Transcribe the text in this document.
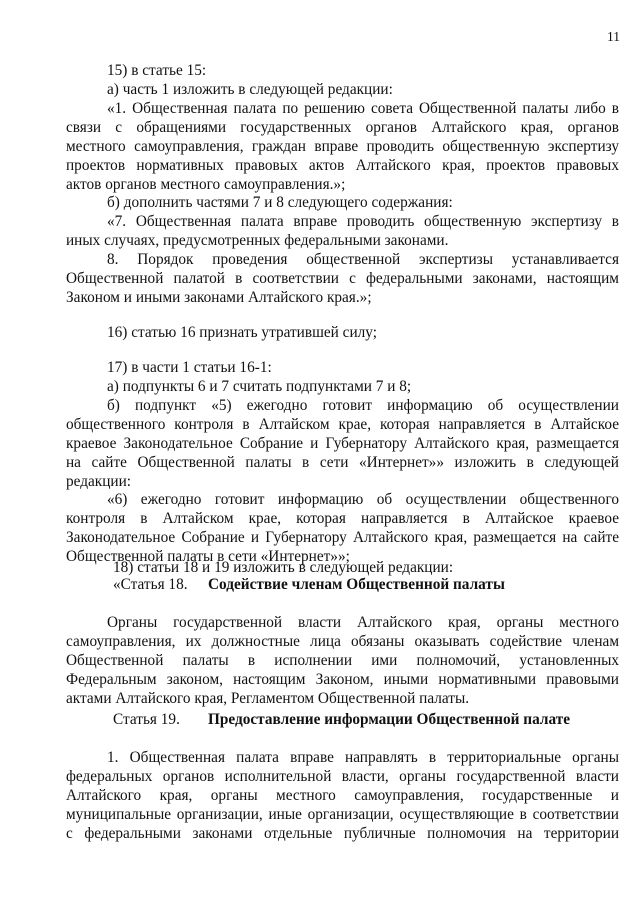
11
15) в статье 15:
а) часть 1 изложить в следующей редакции:
«1. Общественная палата по решению совета Общественной палаты либо в
связи с обращениями государственных органов Алтайского края, органов
местного самоуправления, граждан вправе проводить общественную экспертизу
проектов нормативных правовых актов Алтайского края, проектов правовых
актов органов местного самоуправления.»;
б) дополнить частями 7 и 8 следующего содержания:
«7. Общественная палата вправе проводить общественную экспертизу в
иных случаях, предусмотренных федеральными законами.
8. Порядок проведения общественной экспертизы устанавливается
Общественной палатой в соответствии с федеральными законами, настоящим
Законом и иными законами Алтайского края.»;
16) статью 16 признать утратившей силу;
17) в части 1 статьи 16-1:
а) подпункты 6 и 7 считать подпунктами 7 и 8;
б) подпункт «5) ежегодно готовит информацию об осуществлении
общественного контроля в Алтайском крае, которая направляется в Алтайское
краевое Законодательное Собрание и Губернатору Алтайского края, размещается
на сайте Общественной палаты в сети «Интернет»» изложить в следующей
редакции:
«6) ежегодно готовит информацию об осуществлении общественного
контроля в Алтайском крае, которая направляется в Алтайское краевое
Законодательное Собрание и Губернатору Алтайского края, размещается на сайте
Общественной палаты в сети «Интернет»»;
18) статьи 18 и 19 изложить в следующей редакции:
Органы государственной власти Алтайского края, органы местного
самоуправления, их должностные лица обязаны оказывать содействие членам
Общественной палаты в исполнении ими полномочий, установленных
Федеральным законом, настоящим Законом, иными нормативными правовыми
актами Алтайского края, Регламентом Общественной палаты.
1. Общественная палата вправе направлять в территориальные органы
федеральных органов исполнительной власти, органы государственной власти
Алтайского края, органы местного самоуправления, государственные и
муниципальные организации, иные организации, осуществляющие в соответствии
с федеральными законами отдельные публичные полномочия на территории
«Статья 18. Содействие членам Общественной палаты
Статья 19. Предоставление информации Общественной палате
